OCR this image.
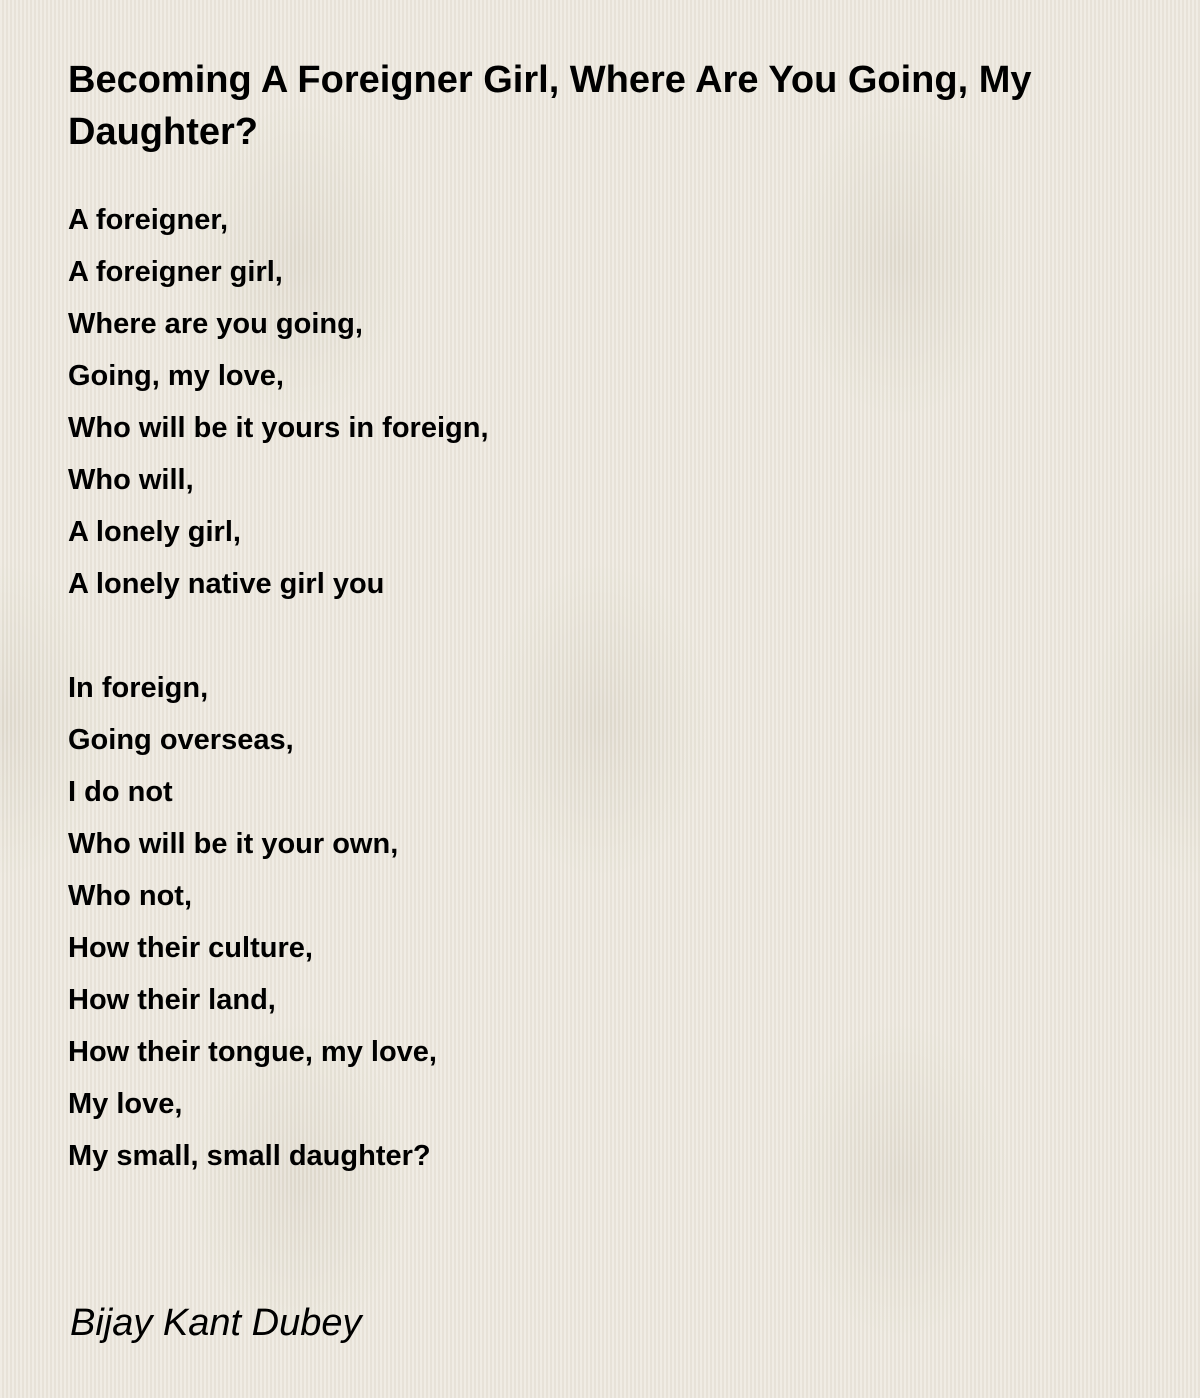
Becoming A Foreigner Girl, Where Are You Going, My Daughter?
A foreigner,
A foreigner girl,
Where are you going,
Going, my love,
Who will be it yours in foreign,
Who will,
A lonely girl,
A lonely native girl you
In foreign,
Going overseas,
I do not
Who will be it your own,
Who not,
How their culture,
How their land,
How their tongue, my love,
My love,
My small, small daughter?
Bijay Kant Dubey
